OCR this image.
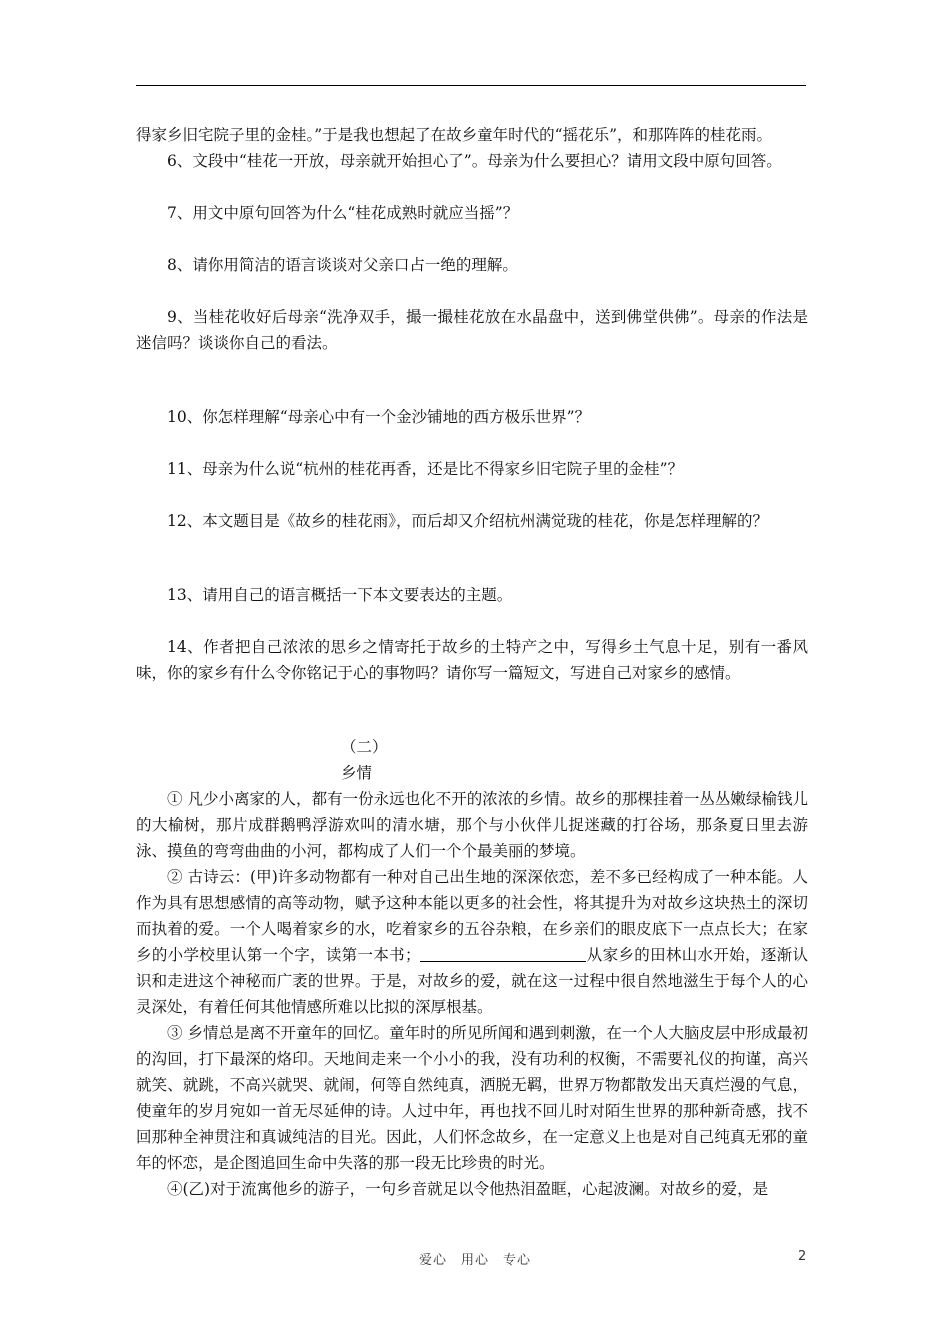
得家乡旧宅院子里的金桂。”于是我也想起了在故乡童年时代的“摇花乐”，和那阵阵的桂花雨。

6、文段中“桂花一开放，母亲就开始担心了”。母亲为什么要担心？请用文段中原句回答。

7、用文中原句回答为什么“桂花成熟时就应当摇”？

8、请你用简洁的语言谈谈对父亲口占一绝的理解。

9、当桂花收好后母亲“洗净双手，撮一撮桂花放在水晶盘中，送到佛堂供佛”。母亲的作法是迷信吗？谈谈你自己的看法。

10、你怎样理解“母亲心中有一个金沙铺地的西方极乐世界”？

11、母亲为什么说“杭州的桂花再香，还是比不得家乡旧宅院子里的金桂”？

12、本文题目是《故乡的桂花雨》，而后却又介绍杭州满觉珑的桂花，你是怎样理解的？

13、请用自己的语言概括一下本文要表达的主题。

14、作者把自己浓浓的思乡之情寄托于故乡的土特产之中，写得乡土气息十足，别有一番风味，你的家乡有什么令你铭记于心的事物吗？请你写一篇短文，写进自己对家乡的感情。

（二）

乡情

① 凡少小离家的人，都有一份永远也化不开的浓浓的乡情。故乡的那棵挂着一丛丛嫩绿榆钱儿的大榆树，那片成群鹅鸭浮游欢叫的清水塘，那个与小伙伴儿捉迷藏的打谷场，那条夏日里去游泳、摸鱼的弯弯曲曲的小河，都构成了人们一个个最美丽的梦境。

② 古诗云：(甲)许多动物都有一种对自己出生地的深深依恋，差不多已经构成了一种本能。人作为具有思想感情的高等动物，赋予这种本能以更多的社会性，将其提升为对故乡这块热土的深切而执着的爱。一个人喝着家乡的水，吃着家乡的五谷杂粮，在乡亲们的眼皮底下一点点长大；在家乡的小学校里认第一个字，读第一本书；	从家乡的田林山水开始，逐渐认识和走进这个神秘而广袤的世界。于是，对故乡的爱，就在这一过程中很自然地滋生于每个人的心灵深处，有着任何其他情感所难以比拟的深厚根基。

③ 乡情总是离不开童年的回忆。童年时的所见所闻和遇到刺激，在一个人大脑皮层中形成最初的沟回，打下最深的烙印。天地间走来一个小小的我，没有功利的权衡，不需要礼仪的拘谨，高兴就笑、就跳，不高兴就哭、就闹，何等自然纯真，洒脱无羁，世界万物都散发出天真烂漫的气息，使童年的岁月宛如一首无尽延伸的诗。人过中年，再也找不回儿时对陌生世界的那种新奇感，找不回那种全神贯注和真诚纯洁的目光。因此，人们怀念故乡，在一定意义上也是对自己纯真无邪的童年的怀恋，是企图追回生命中失落的那一段无比珍贵的时光。

④(乙)对于流寓他乡的游子，一句乡音就足以令他热泪盈眶，心起波澜。对故乡的爱，是

爱心　用心　专心	2
